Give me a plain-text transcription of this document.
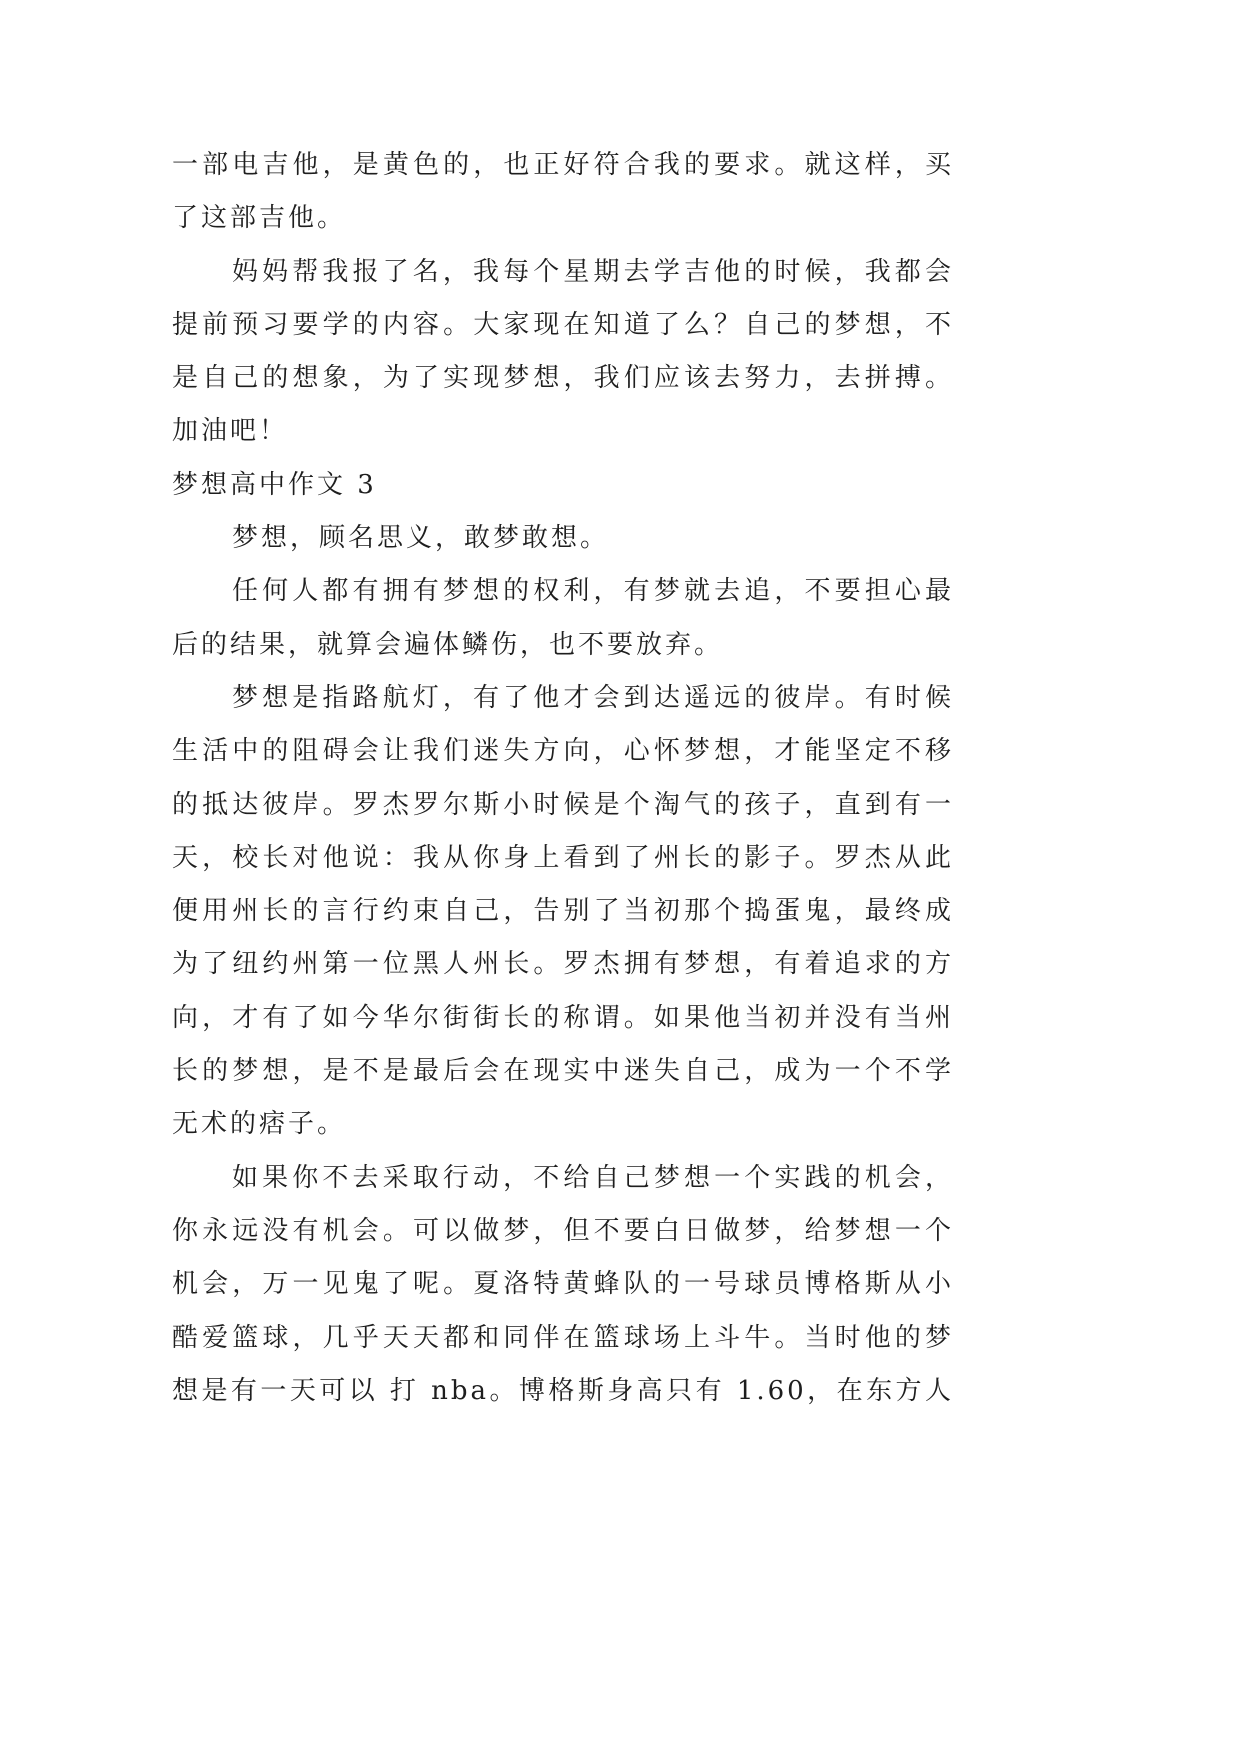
一部电吉他，是黄色的，也正好符合我的要求。就这样，买
了这部吉他。
妈妈帮我报了名，我每个星期去学吉他的时候，我都会
提前预习要学的内容。大家现在知道了么？自己的梦想，不
是自己的想象，为了实现梦想，我们应该去努力，去拼搏。
加油吧！
梦想高中作文 3
梦想，顾名思义，敢梦敢想。
任何人都有拥有梦想的权利，有梦就去追，不要担心最
后的结果，就算会遍体鳞伤，也不要放弃。
梦想是指路航灯，有了他才会到达遥远的彼岸。有时候
生活中的阻碍会让我们迷失方向，心怀梦想，才能坚定不移
的抵达彼岸。罗杰罗尔斯小时候是个淘气的孩子，直到有一
天，校长对他说：我从你身上看到了州长的影子。罗杰从此
便用州长的言行约束自己，告别了当初那个捣蛋鬼，最终成
为了纽约州第一位黑人州长。罗杰拥有梦想，有着追求的方
向，才有了如今华尔街街长的称谓。如果他当初并没有当州
长的梦想，是不是最后会在现实中迷失自己，成为一个不学
无术的痞子。
如果你不去采取行动，不给自己梦想一个实践的机会，
你永远没有机会。可以做梦，但不要白日做梦，给梦想一个
机会，万一见鬼了呢。夏洛特黄蜂队的一号球员博格斯从小
酷爱篮球，几乎天天都和同伴在篮球场上斗牛。当时他的梦
想是有一天可以 打 nba。博格斯身高只有 1.60，在东方人
